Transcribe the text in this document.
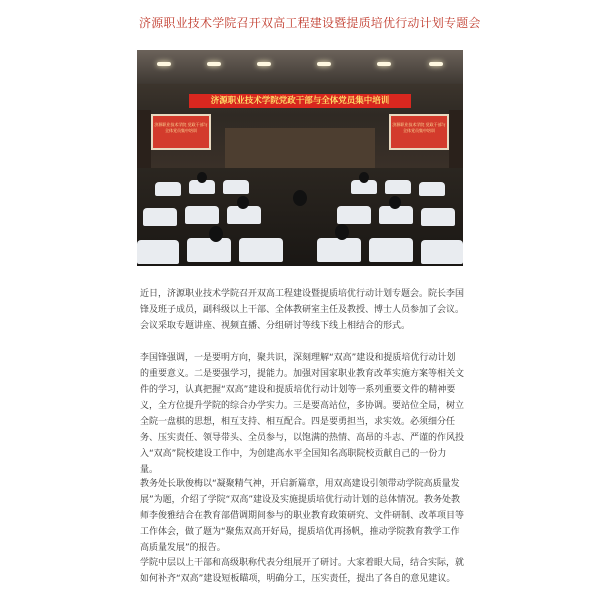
济源职业技术学院召开双高工程建设暨提质培优行动计划专题会
济源职业技术学院党政干部与全体党员集中培训
济源职业技术学院 党政干部与全体党员集中培训
济源职业技术学院 党政干部与全体党员集中培训

近日，济源职业技术学院召开双高工程建设暨提质培优行动计划专题会。院长李国锋及班子成员，副科级以上干部、全体教研室主任及教授、博士人员参加了会议。会议采取专题讲座、视频直播、分组研讨等线下线上相结合的形式。

李国锋强调，一是要明方向，聚共识，深刻理解“双高”建设和提质培优行动计划的重要意义。二是要强学习，提能力。加强对国家职业教育改革实施方案等相关文件的学习，认真把握“双高”建设和提质培优行动计划等一系列重要文件的精神要义，全方位提升学院的综合办学实力。三是要高站位，多协调。要站位全局，树立全院一盘棋的思想，相互支持、相互配合。四是要勇担当，求实效。必须细分任务、压实责任、领导带头、全员参与，以饱满的热情、高昂的斗志、严谨的作风投入“双高”院校建设工作中，为创建高水平全国知名高职院校贡献自己的一份力量。

教务处长耿俊梅以“凝聚精气神，开启新篇章，用双高建设引领带动学院高质量发展”为题，介绍了学院“双高”建设及实施提质培优行动计划的总体情况。教务处教师李俊雅结合在教育部借调期间参与的职业教育政策研究、文件研制、改革项目等工作体会，做了题为“聚焦双高开好局，提质培优再扬帆，推动学院教育教学工作高质量发展”的报告。

学院中层以上干部和高级职称代表分组展开了研讨。大家着眼大局，结合实际，就如何补齐“双高”建设短板瞄项，明确分工，压实责任，提出了各自的意见建议。
